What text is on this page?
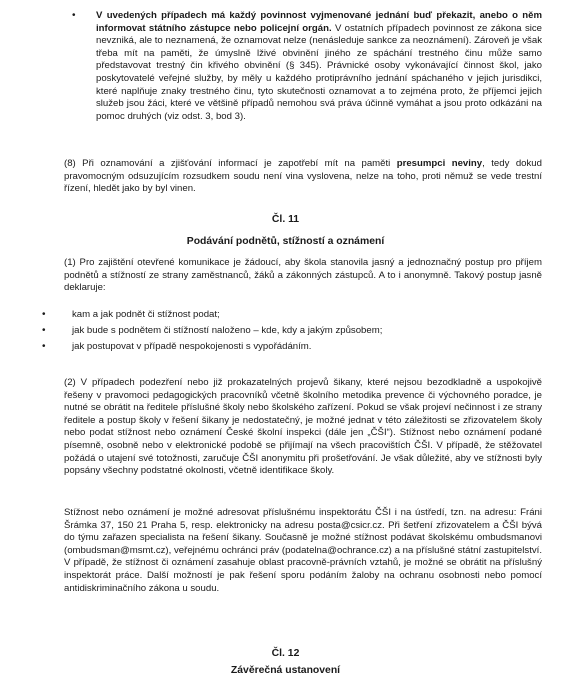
• V uvedených případech má každý povinnost vyjmenované jednání buď překazit, anebo o něm informovat státního zástupce nebo policejní orgán. V ostatních případech povinnost ze zákona sice nevzniká, ale to neznamená, že oznamovat nelze (nenásleduje sankce za neoznámení). Zároveň je však třeba mít na paměti, že úmyslně lživé obvinění jiného ze spáchání trestného činu může samo představovat trestný čin křivého obvinění (§ 345). Právnické osoby vykonávající činnost škol, jako poskytovatelé veřejné služby, by měly u každého protiprávního jednání spáchaného v jejich jurisdikci, které naplňuje znaky trestného činu, tyto skutečnosti oznamovat a to zejména proto, že příjemci jejich služeb jsou žáci, které ve většině případů nemohou svá práva účinně vymáhat a jsou proto odkázáni na pomoc druhých (viz odst. 3, bod 3).

(8) Při oznamování a zjišťování informací je zapotřebí mít na paměti presumpci neviny, tedy dokud pravomocným odsuzujícím rozsudkem soudu není vina vyslovena, nelze na toho, proti němuž se vede trestní řízení, hledět jako by byl vinen.

Čl. 11
Podávání podnětů, stížností a oznámení

(1) Pro zajištění otevřené komunikace je žádoucí, aby škola stanovila jasný a jednoznačný postup pro příjem podnětů a stížností ze strany zaměstnanců, žáků a zákonných zástupců. A to i anonymně. Takový postup jasně deklaruje:

•	kam a jak podnět či stížnost podat;

•	jak bude s podnětem či stížností naloženo – kde, kdy a jakým způsobem;

•	jak postupovat v případě nespokojenosti s vypořádáním.

(2) V případech podezření nebo již prokazatelných projevů šikany, které nejsou bezodkladně a uspokojivě řešeny v pravomoci pedagogických pracovníků včetně školního metodika prevence či výchovného poradce, je nutné se obrátit na ředitele příslušné školy nebo školského zařízení. Pokud se však projeví nečinnost i ze strany ředitele a postup školy v řešení šikany je nedostatečný, je možné jednat v této záležitosti se zřizovatelem školy nebo podat stížnost nebo oznámení České školní inspekci (dále jen „ČŠI“). Stížnost nebo oznámení podané písemně, osobně nebo v elektronické podobě se přijímají na všech pracovištích ČŠI. V případě, že stěžovatel požádá o utajení své totožnosti, zaručuje ČŠI anonymitu při prošetřování. Je však důležité, aby ve stížnosti byly popsány všechny podstatné okolnosti, včetně identifikace školy.

Stížnost nebo oznámení je možné adresovat příslušnému inspektorátu ČŠI i na ústředí, tzn. na adresu: Fráni Šrámka 37, 150 21 Praha 5, resp. elektronicky na adresu posta@csicr.cz. Při šetření zřizovatelem a ČŠI bývá do týmu zařazen specialista na řešení šikany. Současně je možné stížnost podávat školskému ombudsmanovi (ombudsman@msmt.cz), veřejnému ochránci práv (podatelna@ochrance.cz) a na příslušné státní zastupitelství. V případě, že stížnost či oznámení zasahuje oblast pracovně-právních vztahů, je možné se obrátit na příslušný inspektorát práce. Další možností je pak řešení sporu podáním žaloby na ochranu osobnosti nebo pomocí antidiskriminačního zákona u soudu.

Čl. 12
Závěrečná ustanovení
